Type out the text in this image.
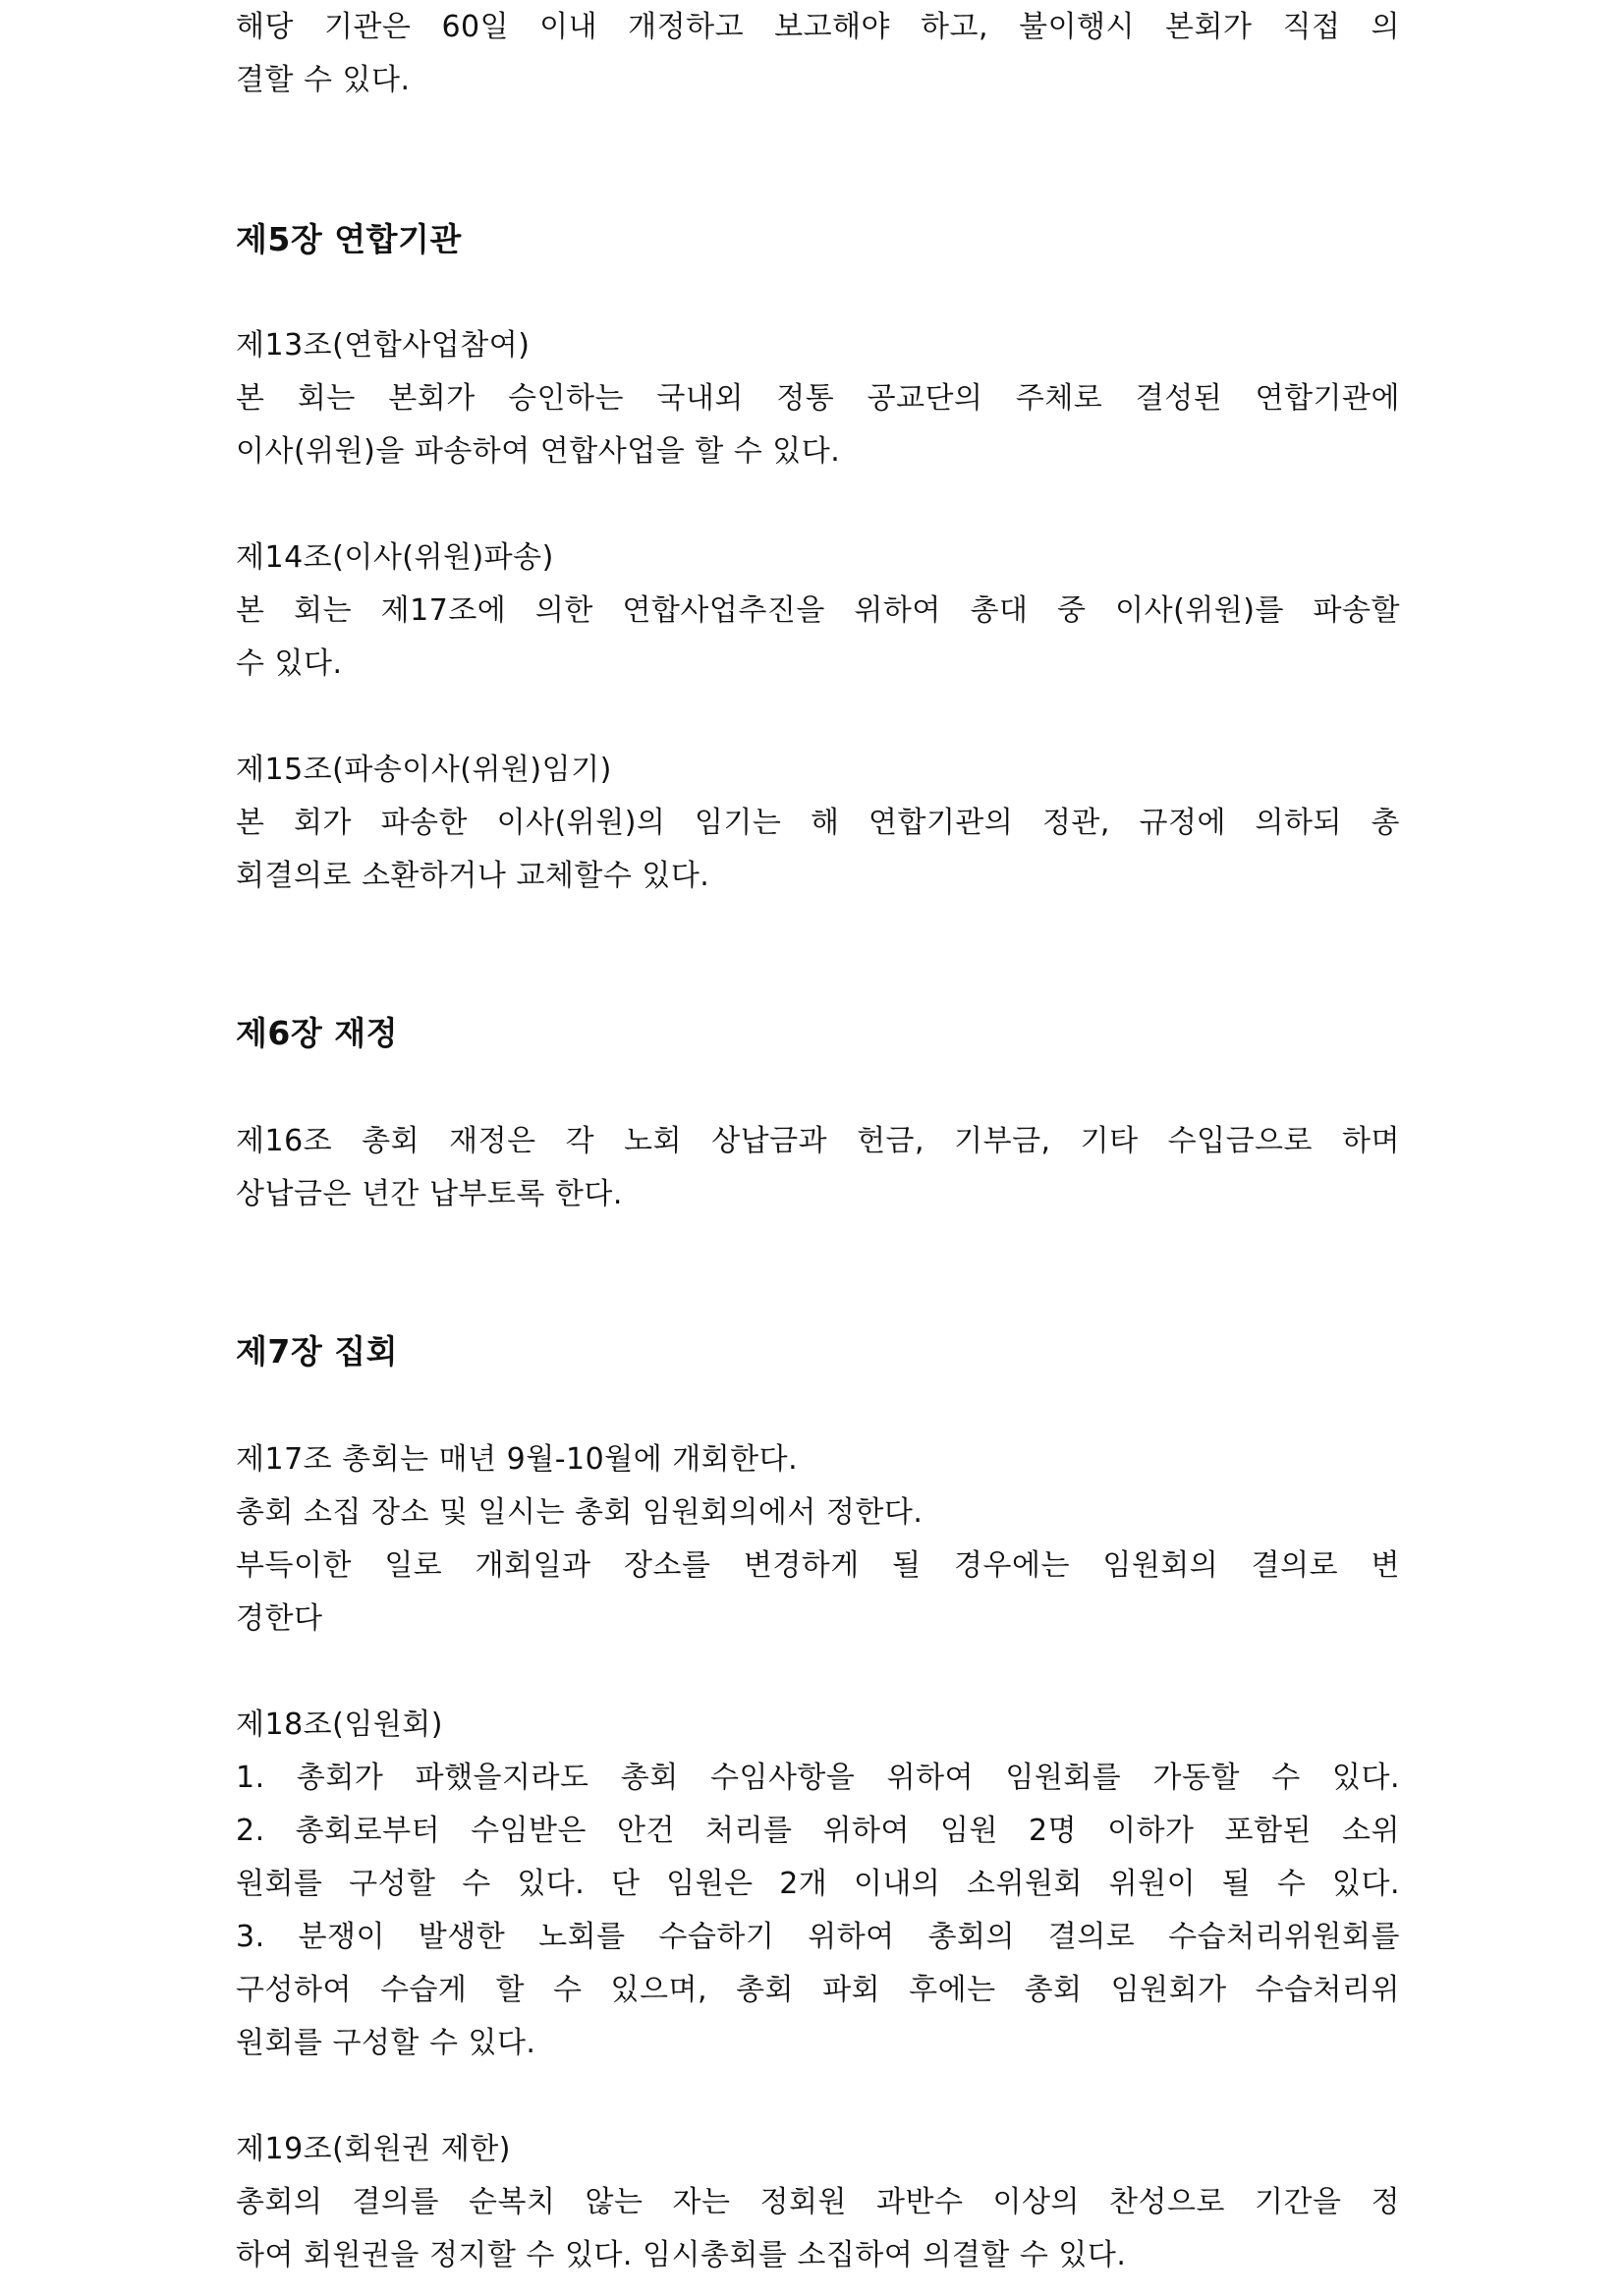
해당 기관은 60일 이내 개정하고 보고해야 하고, 불이행시 본회가 직접 의
결할 수 있다.
제5장 연합기관
제13조(연합사업참여)
본 회는 본회가 승인하는 국내외 정통 공교단의 주체로 결성된 연합기관에
이사(위원)을 파송하여 연합사업을 할 수 있다.
제14조(이사(위원)파송)
본 회는 제17조에 의한 연합사업추진을 위하여 총대 중 이사(위원)를 파송할
수 있다.
제15조(파송이사(위원)임기)
본 회가 파송한 이사(위원)의 임기는 해 연합기관의 정관, 규정에 의하되 총
회결의로 소환하거나 교체할수 있다.
제6장 재정
제16조 총회 재정은 각 노회 상납금과 헌금, 기부금, 기타 수입금으로 하며
상납금은 년간 납부토록 한다.
제7장 집회
제17조 총회는 매년 9월-10월에 개회한다.
총회 소집 장소 및 일시는 총회 임원회의에서 정한다.
부득이한 일로 개회일과 장소를 변경하게 될 경우에는 임원회의 결의로 변
경한다
제18조(임원회)
1. 총회가 파했을지라도 총회 수임사항을 위하여 임원회를 가동할 수 있다.
2. 총회로부터 수임받은 안건 처리를 위하여 임원 2명 이하가 포함된 소위
원회를 구성할 수 있다. 단 임원은 2개 이내의 소위원회 위원이 될 수 있다.
3. 분쟁이 발생한 노회를 수습하기 위하여 총회의 결의로 수습처리위원회를
구성하여 수습게 할 수 있으며, 총회 파회 후에는 총회 임원회가 수습처리위
원회를 구성할 수 있다.
제19조(회원권 제한)
총회의 결의를 순복치 않는 자는 정회원 과반수 이상의 찬성으로 기간을 정
하여 회원권을 정지할 수 있다. 임시총회를 소집하여 의결할 수 있다.
